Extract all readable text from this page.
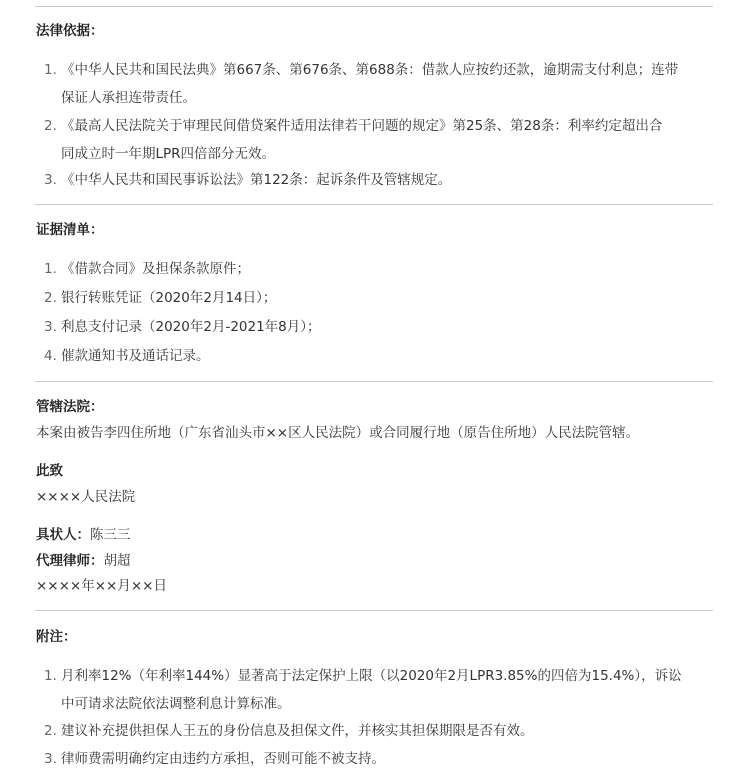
法律依据：
1. 《中华人民共和国民法典》第667条、第676条、第688条：借款人应按约还款，逾期需支付利息；连带
保证人承担连带责任。
2. 《最高人民法院关于审理民间借贷案件适用法律若干问题的规定》第25条、第28条：利率约定超出合
同成立时一年期LPR四倍部分无效。
3. 《中华人民共和国民事诉讼法》第122条：起诉条件及管辖规定。
证据清单：
1. 《借款合同》及担保条款原件；
2. 银行转账凭证（2020年2月14日）；
3. 利息支付记录（2020年2月-2021年8月）；
4. 催款通知书及通话记录。
管辖法院：
本案由被告李四住所地（广东省汕头市××区人民法院）或合同履行地（原告住所地）人民法院管辖。
此致
××××人民法院
具状人：陈三三
代理律师：胡超
××××年××月××日
附注：
1. 月利率12%（年利率144%）显著高于法定保护上限（以2020年2月LPR3.85%的四倍为15.4%），诉讼
中可请求法院依法调整利息计算标准。
2. 建议补充提供担保人王五的身份信息及担保文件，并核实其担保期限是否有效。
3. 律师费需明确约定由违约方承担，否则可能不被支持。
